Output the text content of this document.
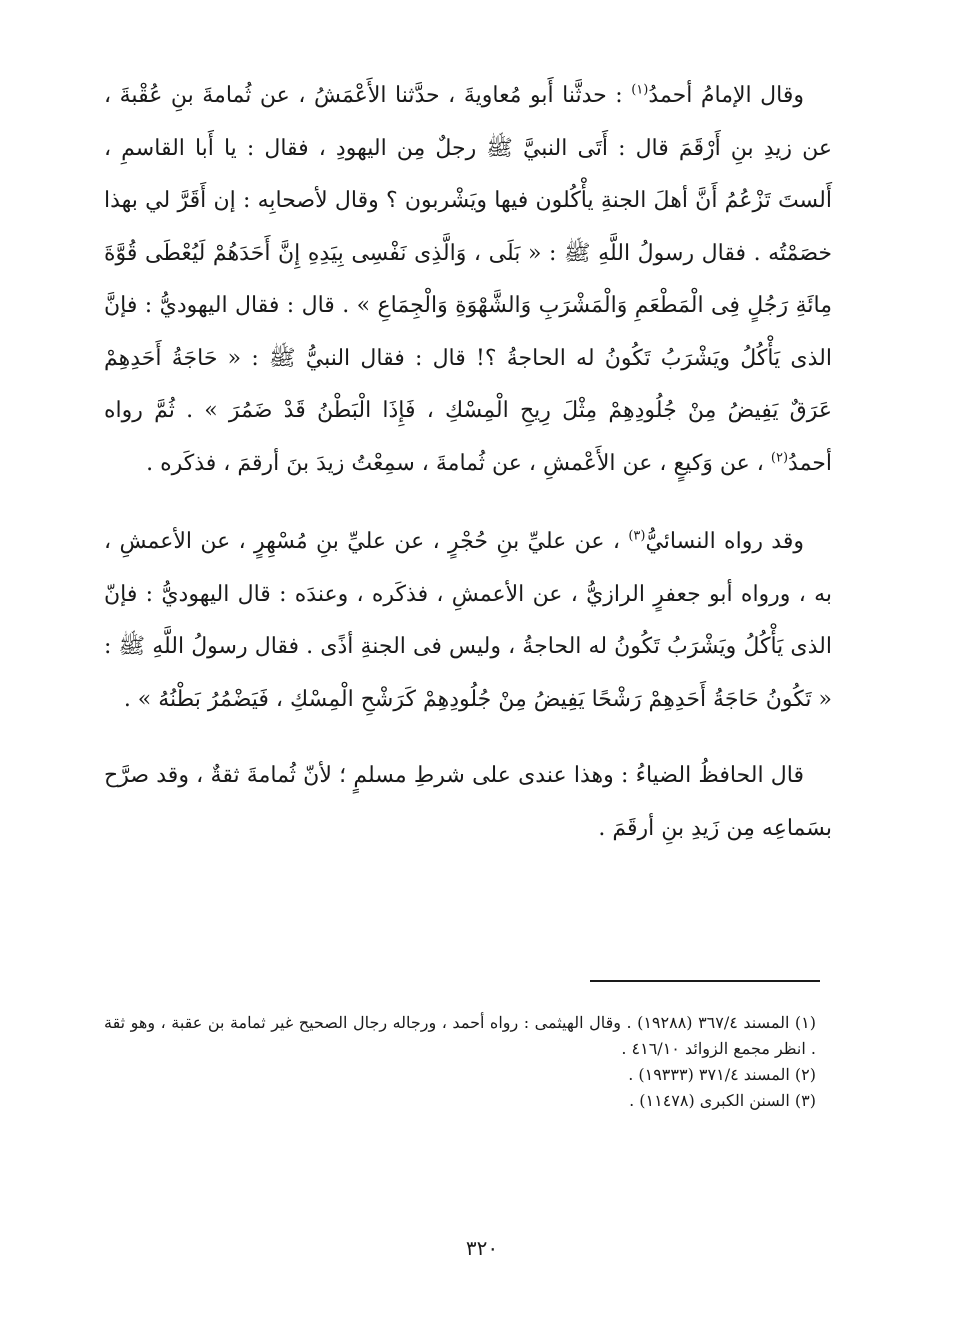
وقال الإمامُ أحمدُ$^{(١)}$ : حدثَّنا أَبو مُعاويةَ ، حدَّثنا الأَعْمَشُ ، عن ثُمامةَ بنِ عُقْبةَ ، عن زيدِ بنِ أَرْقَمَ قال : أَتَى النبيَّ ﷺ رجلٌ مِن اليهودِ ، فقال : يا أَبا القاسمِ ، أَلستَ تَزْعُمُ أَنَّ أهلَ الجنةِ يأْكُلون فيها ويَشْربون ؟ وقال لأصحابِه : إن أَقَرَّ لي بهذا خصَمْتُه . فقال رسولُ اللَّهِ ﷺ : « بَلَى ، وَالَّذِى نَفْسِى بِيَدِهِ إِنَّ أَحَدَهُمْ لَيُعْطَى قُوَّةَ مِائَةِ رَجُلٍ فِى الْمَطْعَمِ وَالْمَشْرَبِ وَالشَّهْوَةِ وَالْجِمَاعِ » . قال : فقال اليهوديُّ : فإنَّ الذى يَأْكُلُ ويَشْرَبُ تَكُونُ له الحاجةُ ؟! قال : فقال النبيُّ ﷺ : « حَاجَةُ أَحَدِهِمْ عَرَقٌ يَفِيضُ مِنْ جُلُودِهِمْ مِثْلَ رِيحِ الْمِسْكِ ، فَإِذَا الْبَطْنُ قَدْ ضَمُرَ » . ثُمَّ رواه أحمدُ$^{(٢)}$ ، عن وَكيعٍ ، عن الأَعْمشِ ، عن ثُمامةَ ، سمِعْتُ زيدَ بنَ أرقمَ ، فذكَره .

وقد رواه النسائيُّ$^{(٣)}$ ، عن عليِّ بنِ حُجْرٍ ، عن عليِّ بنِ مُسْهِرٍ ، عن الأعمشِ ، به ، ورواه أبو جعفرٍ الرازيُّ ، عن الأعمشِ ، فذكَره ، وعندَه : قال اليهوديُّ : فإنّ الذى يَأْكُلُ ويَشْرَبُ تَكُونُ له الحاجةُ ، وليس فى الجنةِ أذًى . فقال رسولُ اللَّهِ ﷺ : « تَكُونُ حَاجَةُ أَحَدِهِمْ رَشْحًا يَفِيضُ مِنْ جُلُودِهِمْ كَرَشْحِ الْمِسْكِ ، فَيَضْمُرُ بَطْنُهُ » .

قال الحافظُ الضياءُ : وهذا عندى على شرطِ مسلمٍ ؛ لأنّ ثُمامةَ ثقةٌ ، وقد صرَّح بسَماعِه مِن زَيدِ بنِ أرقَمَ .

(١) المسند ٣٦٧/٤ (١٩٢٨٨) . وقال الهيثمى : رواه أحمد ، ورجاله رجال الصحيح غير ثمامة بن عقبة ، وهو ثقة . انظر مجمع الزوائد ٤١٦/١٠ .

(٢) المسند ٣٧١/٤ (١٩٣٣٣) .

(٣) السنن الكبرى (١١٤٧٨) .

٣٢٠
